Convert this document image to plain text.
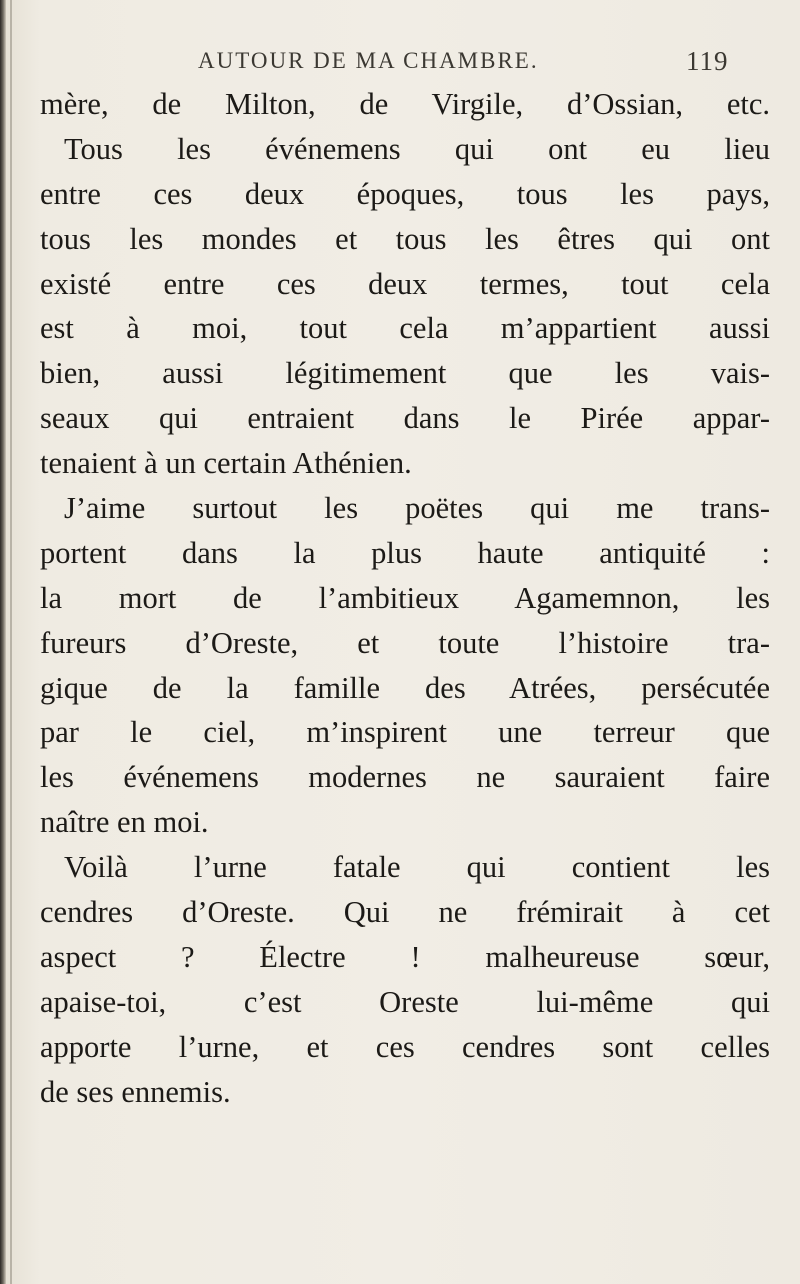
AUTOUR DE MA CHAMBRE.	119
mère, de Milton, de Virgile, d’Ossian, etc.
Tous les événemens qui ont eu lieu
entre ces deux époques, tous les pays,
tous les mondes et tous les êtres qui ont
existé entre ces deux termes, tout cela
est à moi, tout cela m’appartient aussi
bien, aussi légitimement que les vais-
seaux qui entraient dans le Pirée appar-
tenaient à un certain Athénien.
J’aime surtout les poëtes qui me trans-
portent dans la plus haute antiquité :
la mort de l’ambitieux Agamemnon, les
fureurs d’Oreste, et toute l’histoire tra-
gique de la famille des Atrées, persécutée
par le ciel, m’inspirent une terreur que
les événemens modernes ne sauraient faire
naître en moi.
Voilà l’urne fatale qui contient les
cendres d’Oreste. Qui ne frémirait à cet
aspect ? Électre ! malheureuse sœur,
apaise-toi, c’est Oreste lui-même qui
apporte l’urne, et ces cendres sont celles
de ses ennemis.
